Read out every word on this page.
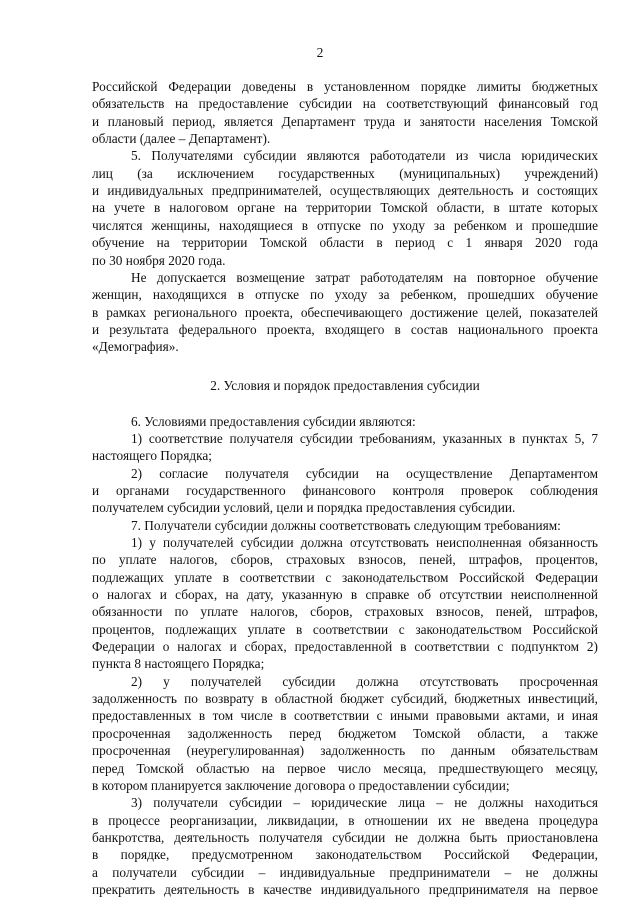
2
Российской Федерации доведены в установленном порядке лимиты бюджетных
обязательств на предоставление субсидии на соответствующий финансовый год
и плановый период, является Департамент труда и занятости населения Томской
области (далее – Департамент).
5. Получателями субсидии являются работодатели из числа юридических
лиц (за исключением государственных (муниципальных) учреждений)
и индивидуальных предпринимателей, осуществляющих деятельность и состоящих
на учете в налоговом органе на территории Томской области, в штате которых
числятся женщины, находящиеся в отпуске по уходу за ребенком и прошедшие
обучение на территории Томской области в период с 1 января 2020 года
по 30 ноября 2020 года.
Не допускается возмещение затрат работодателям на повторное обучение
женщин, находящихся в отпуске по уходу за ребенком, прошедших обучение
в рамках регионального проекта, обеспечивающего достижение целей, показателей
и результата федерального проекта, входящего в состав национального проекта
«Демография».
2. Условия и порядок предоставления субсидии
6. Условиями предоставления субсидии являются:
1) соответствие получателя субсидии требованиям, указанных в пунктах 5, 7
настоящего Порядка;
2) согласие получателя субсидии на осуществление Департаментом
и органами государственного финансового контроля проверок соблюдения
получателем субсидии условий, цели и порядка предоставления субсидии.
7. Получатели субсидии должны соответствовать следующим требованиям:
1) у получателей субсидии должна отсутствовать неисполненная обязанность
по уплате налогов, сборов, страховых взносов, пеней, штрафов, процентов,
подлежащих уплате в соответствии с законодательством Российской Федерации
о налогах и сборах, на дату, указанную в справке об отсутствии неисполненной
обязанности по уплате налогов, сборов, страховых взносов, пеней, штрафов,
процентов, подлежащих уплате в соответствии с законодательством Российской
Федерации о налогах и сборах, предоставленной в соответствии с подпунктом 2)
пункта 8 настоящего Порядка;
2) у получателей субсидии должна отсутствовать просроченная
задолженность по возврату в областной бюджет субсидий, бюджетных инвестиций,
предоставленных в том числе в соответствии с иными правовыми актами, и иная
просроченная задолженность перед бюджетом Томской области, а также
просроченная (неурегулированная) задолженность по данным обязательствам
перед Томской областью на первое число месяца, предшествующего месяцу,
в котором планируется заключение договора о предоставлении субсидии;
3) получатели субсидии – юридические лица – не должны находиться
в процессе реорганизации, ликвидации, в отношении их не введена процедура
банкротства, деятельность получателя субсидии не должна быть приостановлена
в порядке, предусмотренном законодательством Российской Федерации,
а получатели субсидии – индивидуальные предприниматели – не должны
прекратить деятельность в качестве индивидуального предпринимателя на первое
